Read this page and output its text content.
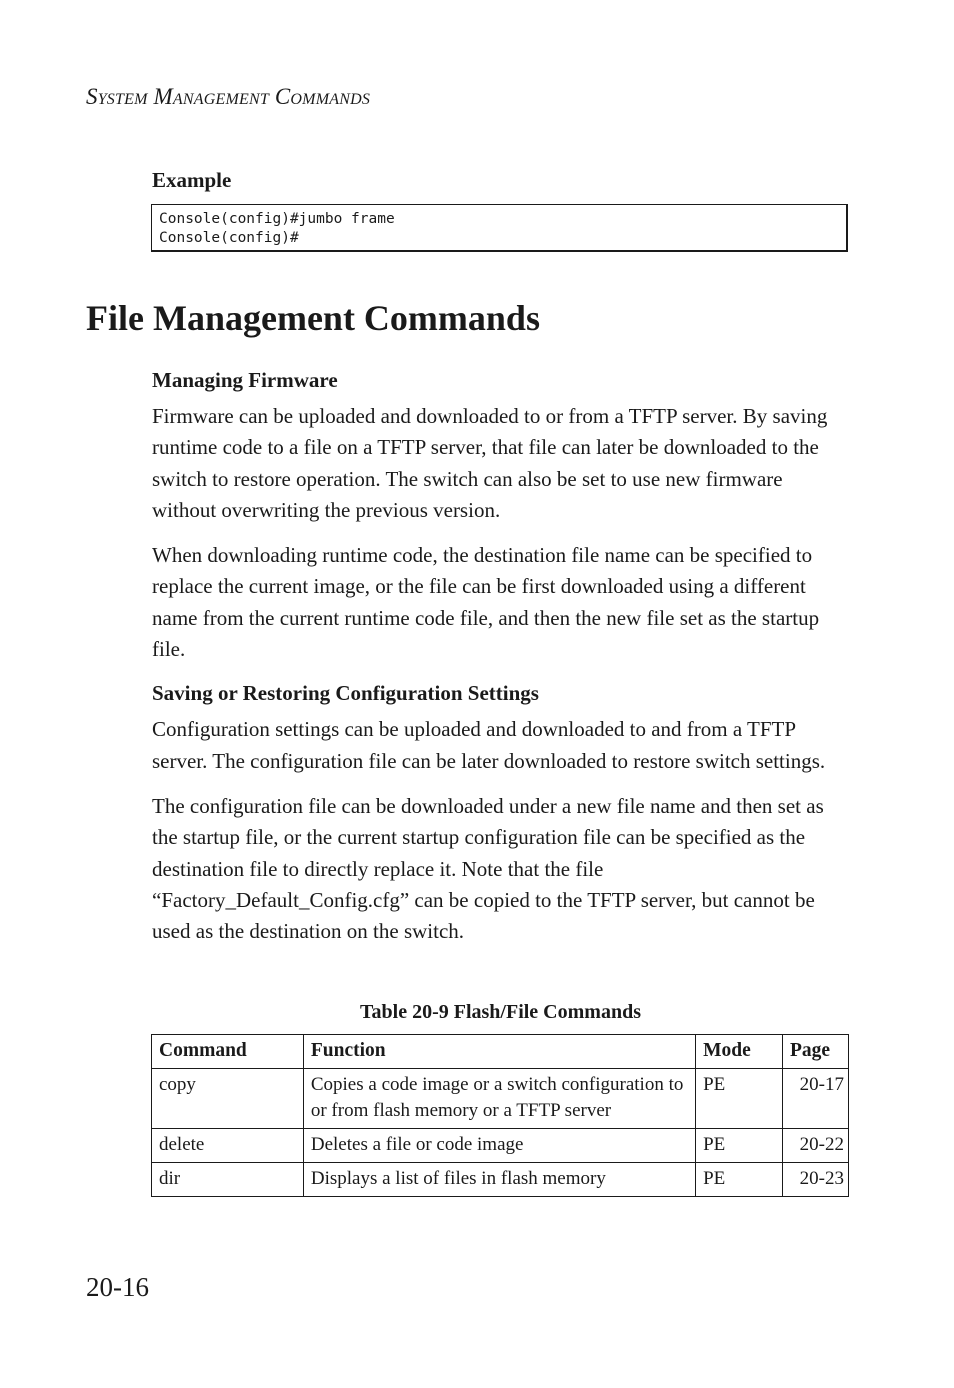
System Management Commands
Example
Console(config)#jumbo frame
Console(config)#
File Management Commands
Managing Firmware

Firmware can be uploaded and downloaded to or from a TFTP server. By saving runtime code to a file on a TFTP server, that file can later be downloaded to the switch to restore operation. The switch can also be set to use new firmware without overwriting the previous version.

When downloading runtime code, the destination file name can be specified to replace the current image, or the file can be first downloaded using a different name from the current runtime code file, and then the new file set as the startup file.

Saving or Restoring Configuration Settings

Configuration settings can be uploaded and downloaded to and from a TFTP server. The configuration file can be later downloaded to restore switch settings.

The configuration file can be downloaded under a new file name and then set as the startup file, or the current startup configuration file can be specified as the destination file to directly replace it. Note that the file “Factory_Default_Config.cfg” can be copied to the TFTP server, but cannot be used as the destination on the switch.

Table 20-9 Flash/File Commands
Command	Function	Mode	Page
copy	Copies a code image or a switch configuration to or from flash memory or a TFTP server	PE	20-17
delete	Deletes a file or code image	PE	20-22
dir	Displays a list of files in flash memory	PE	20-23
20-16
